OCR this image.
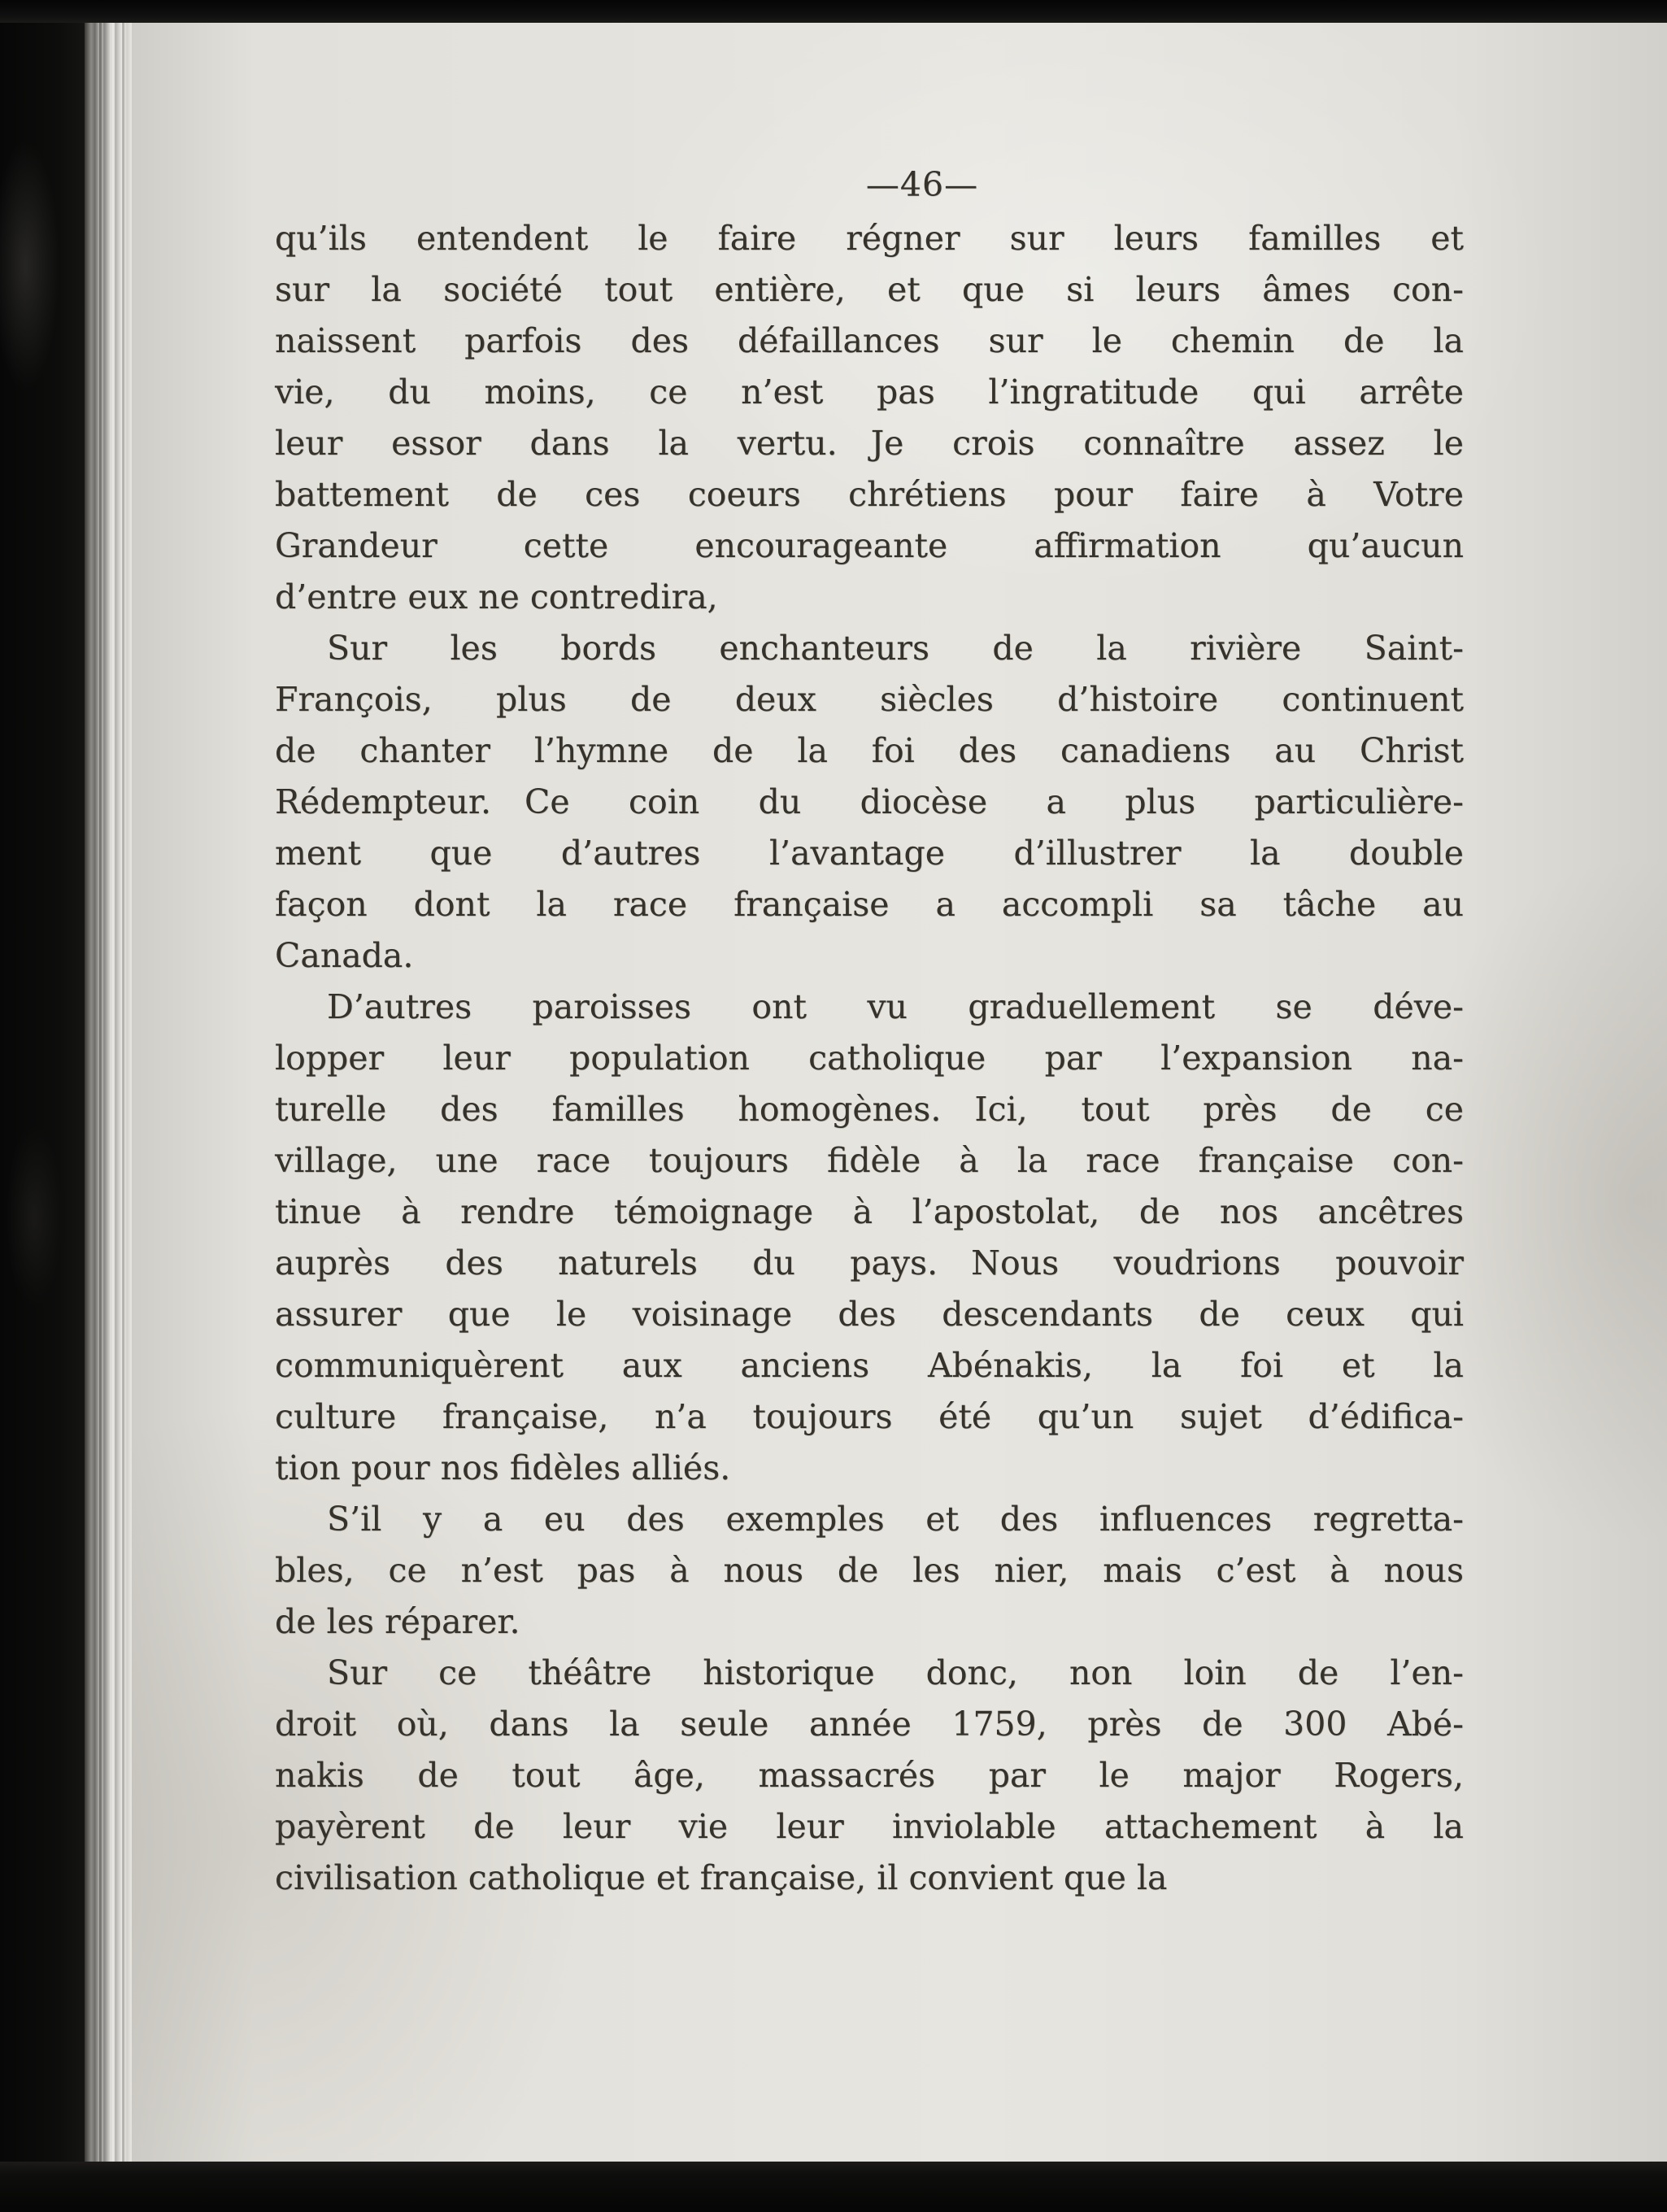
—46—
qu’ils entendent le faire régner sur leurs familles et
sur la société tout entière, et que si leurs âmes con-
naissent parfois des défaillances sur le chemin de la
vie, du moins, ce n’est pas l’ingratitude qui arrête
leur essor dans la vertu.  Je crois connaître assez le
battement de ces coeurs chrétiens pour faire à Votre
Grandeur cette encourageante affirmation qu’aucun
d’entre eux ne contredira,
Sur les bords enchanteurs de la rivière Saint-
François, plus de deux siècles d’histoire continuent
de chanter l’hymne de la foi des canadiens au Christ
Rédempteur.  Ce coin du diocèse a plus particulière-
ment que d’autres l’avantage d’illustrer la double
façon dont la race française a accompli sa tâche au
Canada.
D’autres paroisses ont vu graduellement se déve-
lopper leur population catholique par l’expansion na-
turelle des familles homogènes.  Ici, tout près de ce
village, une race toujours fidèle à la race française con-
tinue à rendre témoignage à l’apostolat, de nos ancêtres
auprès des naturels du pays.  Nous voudrions pouvoir
assurer que le voisinage des descendants de ceux qui
communiquèrent aux anciens Abénakis, la foi et la
culture française, n’a toujours été qu’un sujet d’édifica-
tion pour nos fidèles alliés.
S’il y a eu des exemples et des influences regretta-
bles, ce n’est pas à nous de les nier, mais c’est à nous
de les réparer.
Sur ce théâtre historique donc, non loin de l’en-
droit où, dans la seule année 1759, près de 300 Abé-
nakis de tout âge, massacrés par le major Rogers,
payèrent de leur vie leur inviolable attachement à la
civilisation catholique et française, il convient que la
